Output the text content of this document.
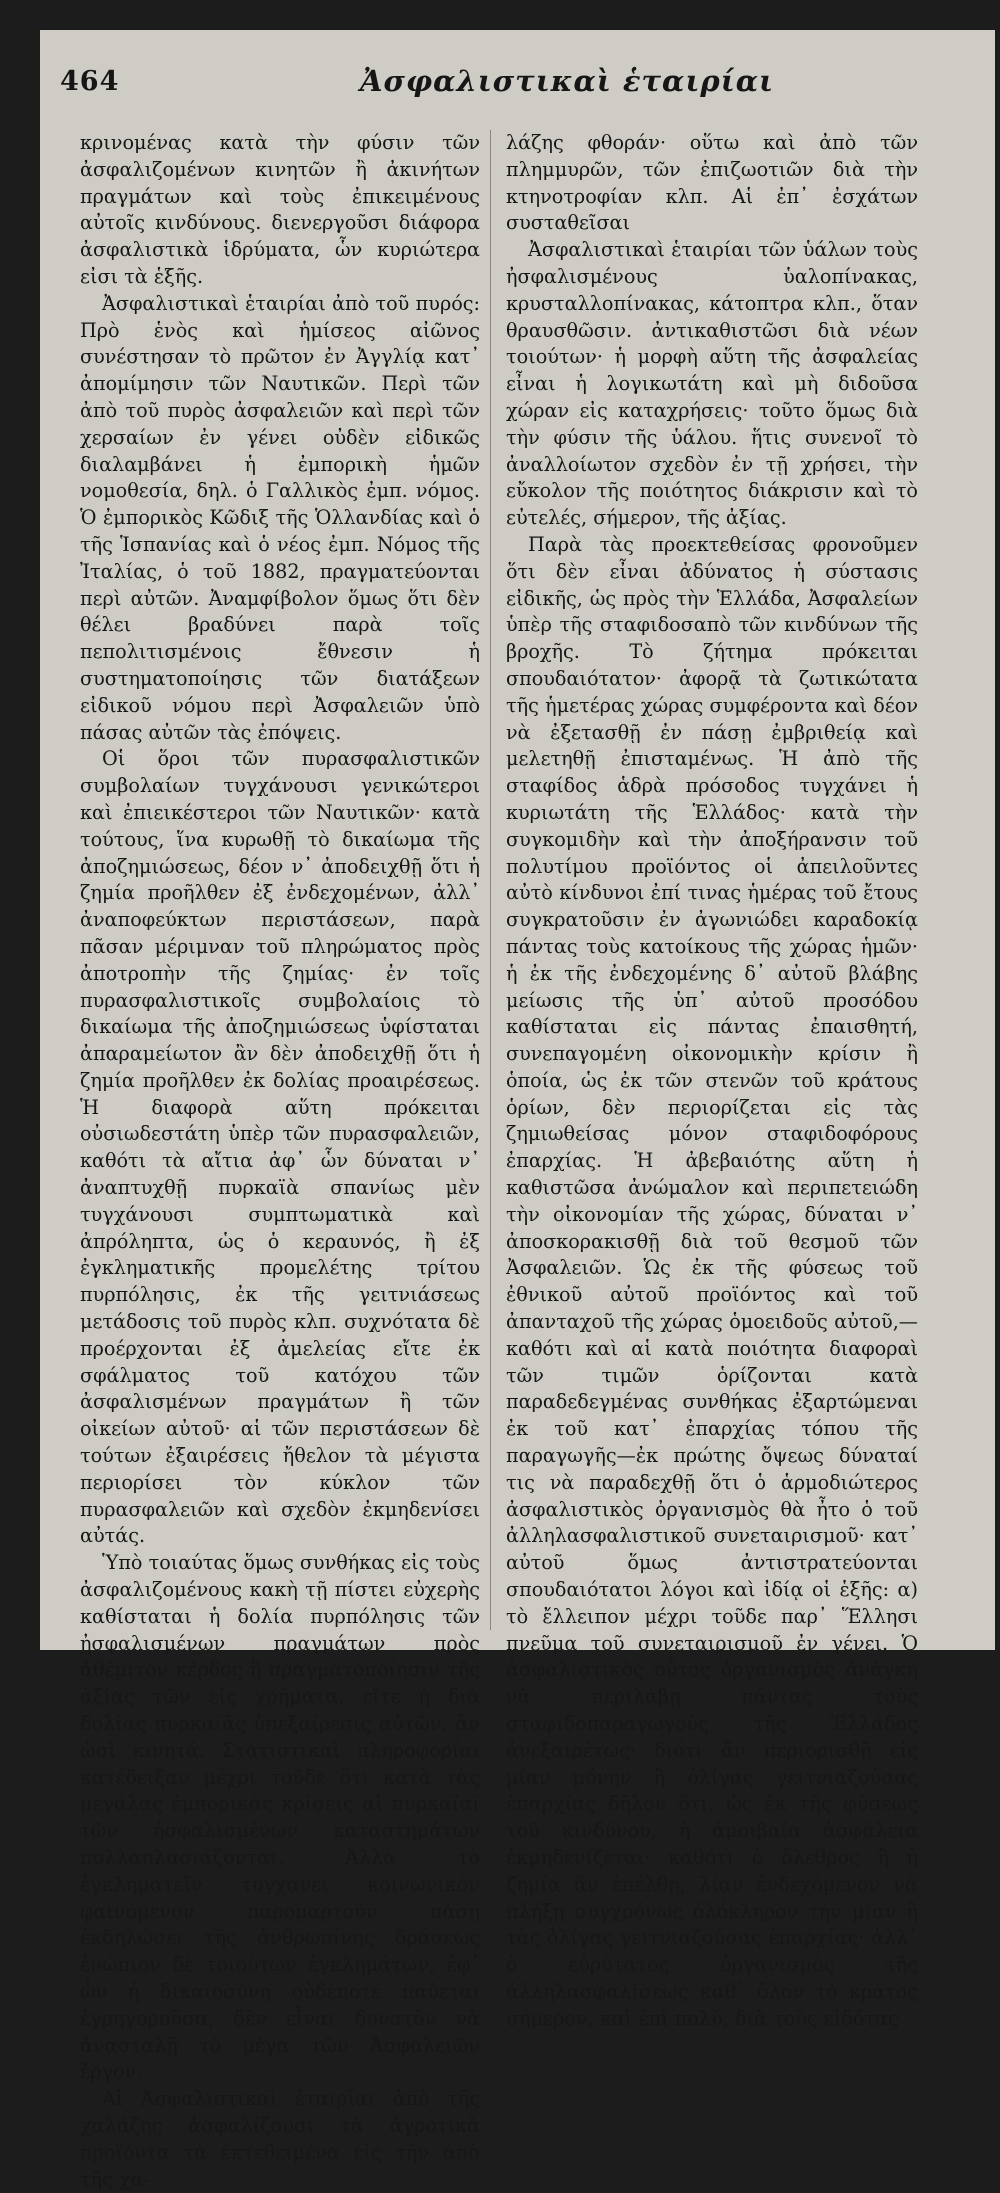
464	Ἀσφαλιστικαὶ ἑταιρίαι

κρινομένας κατὰ τὴν φύσιν τῶν ἀσφαλιζομένων κινητῶν ἢ ἀκινήτων πραγμάτων καὶ τοὺς ἐπικειμένους αὐτοῖς κινδύνους. διενεργοῦσι διάφορα ἀσφαλιστικὰ ἱδρύματα, ὧν κυριώτερα εἰσι τὰ ἑξῆς.

Ἀσφαλιστικαὶ ἑταιρίαι ἀπὸ τοῦ πυρός: Πρὸ ἑνὸς καὶ ἡμίσεος αἰῶνος συνέστησαν τὸ πρῶτον ἐν Ἀγγλίᾳ κατ᾽ ἀπομίμησιν τῶν Ναυτικῶν. Περὶ τῶν ἀπὸ τοῦ πυρὸς ἀσφαλειῶν καὶ περὶ τῶν χερσαίων ἐν γένει οὐδὲν εἰδικῶς διαλαμβάνει ἡ ἐμπορικὴ ἡμῶν νομοθεσία, δηλ. ὁ Γαλλικὸς ἐμπ. νόμος. Ὁ ἐμπορικὸς Κῶδιξ τῆς Ὁλλανδίας καὶ ὁ τῆς Ἱσπανίας καὶ ὁ νέος ἐμπ. Νόμος τῆς Ἰταλίας, ὁ τοῦ 1882, πραγματεύονται περὶ αὐτῶν. Ἀναμφίβολον ὅμως ὅτι δὲν θέλει βραδύνει παρὰ τοῖς πεπολιτισμένοις ἔθνεσιν ἡ συστηματοποίησις τῶν διατάξεων εἰδικοῦ νόμου περὶ Ἀσφαλειῶν ὑπὸ πάσας αὐτῶν τὰς ἐπόψεις.

Οἱ ὅροι τῶν πυρασφαλιστικῶν συμβολαίων τυγχάνουσι γενικώτεροι καὶ ἐπιεικέστεροι τῶν Ναυτικῶν· κατὰ τούτους, ἵνα κυρωθῇ τὸ δικαίωμα τῆς ἀποζημιώσεως, δέον ν᾽ ἀποδειχθῇ ὅτι ἡ ζημία προῆλθεν ἐξ ἐνδεχομένων, ἀλλ᾽ ἀναποφεύκτων περιστάσεων, παρὰ πᾶσαν μέριμναν τοῦ πληρώματος πρὸς ἀποτροπὴν τῆς ζημίας· ἐν τοῖς πυρασφαλιστικοῖς συμβολαίοις τὸ δικαίωμα τῆς ἀποζημιώσεως ὑφίσταται ἀπαραμείωτον ἂν δὲν ἀποδειχθῇ ὅτι ἡ ζημία προῆλθεν ἐκ δολίας προαιρέσεως. Ἡ διαφορὰ αὕτη πρόκειται οὐσιωδεστάτη ὑπὲρ τῶν πυρασφαλειῶν, καθότι τὰ αἴτια ἀφ᾽ ὧν δύναται ν᾽ ἀναπτυχθῇ πυρκαϊὰ σπανίως μὲν τυγχάνουσι συμπτωματικὰ καὶ ἀπρόληπτα, ὡς ὁ κεραυνός, ἢ ἐξ ἐγκληματικῆς προμελέτης τρίτου πυρπόλησις, ἐκ τῆς γειτνιάσεως μετάδοσις τοῦ πυρὸς κλπ. συχνότατα δὲ προέρχονται ἐξ ἀμελείας εἴτε ἐκ σφάλματος τοῦ κατόχου τῶν ἀσφαλισμένων πραγμάτων ἢ τῶν οἰκείων αὐτοῦ· αἱ τῶν περιστάσεων δὲ τούτων ἐξαιρέσεις ἤθελον τὰ μέγιστα περιορίσει τὸν κύκλον τῶν πυρασφαλειῶν καὶ σχεδὸν ἐκμηδενίσει αὐτάς.

Ὑπὸ τοιαύτας ὅμως συνθήκας εἰς τοὺς ἀσφαλιζομένους κακὴ τῇ πίστει εὐχερὴς καθίσταται ἡ δολία πυρπόλησις τῶν ἠσφαλισμένων πραγμάτων πρὸς ἀθέμιτον κέρδος ἢ πραγματοποίησιν τῆς ἀξίας τῶν εἰς χρήματα, εἴτε ἡ διὰ δολίας πυρκαϊᾶς ὑπεξαίρεσις αὐτῶν. ἂν ὡσὶ κινητά. Στατιστικαὶ πληροφορίαι κατέδειξαν μέχρι τοῦδε ὅτι κατὰ τὰς μεγάλας ἐμπορικὰς κρίσεις αἱ πυρκαϊαὶ τῶν ἠσφαλισμένων καταστημάτων πολλαπλασιάζονται. Ἀλλὰ τὸ ἐγκληματεῖν τυγχάνει κοινωνικὸν φαινόμενον παρομαρτοῦν πάσῃ ἐκδηλώσει τῆς ἀνθρωπίνης δράσεως ἐνώπιον δὲ τοιούτων ἐγκλημάτων, ἐφ᾽ ὧν ἡ δικαιοσύνη οὐδέποτε παύεται ἐγρηγοροῦσα, δὲν εἶναι δυνατὸν νὰ ἀνασταλῇ τὸ μέγα τῶν Ἀσφαλειῶν ἔργον.

Αἱ Ἀσφαλιστικαὶ ἑταιρίαι ἀπὸ τῆς χαλάζης ἀσφαλίζουσι τὰ ἀγροτικὰ προϊόντα τὰ ἐκτεθειμένα εἰς τὴν ἀπὸ τῆς χα-

λάζης φθοράν· οὕτω καὶ ἀπὸ τῶν πλημμυρῶν, τῶν ἐπιζωοτιῶν διὰ τὴν κτηνοτροφίαν κλπ. Αἱ ἐπ᾽ ἐσχάτων συσταθεῖσαι

Ἀσφαλιστικαὶ ἑταιρίαι τῶν ὑάλων τοὺς ἠσφαλισμένους ὑαλοπίνακας, κρυσταλλοπίνακας, κάτοπτρα κλπ., ὅταν θραυσθῶσιν. ἀντικαθιστῶσι διὰ νέων τοιούτων· ἡ μορφὴ αὕτη τῆς ἀσφαλείας εἶναι ἡ λογικωτάτη καὶ μὴ διδοῦσα χώραν εἰς καταχρήσεις· τοῦτο ὅμως διὰ τὴν φύσιν τῆς ὑάλου. ἥτις συνενοῖ τὸ ἀναλλοίωτον σχεδὸν ἐν τῇ χρήσει, τὴν εὔκολον τῆς ποιότητος διάκρισιν καὶ τὸ εὐτελές, σήμερον, τῆς ἀξίας.

Παρὰ τὰς προεκτεθείσας φρονοῦμεν ὅτι δὲν εἶναι ἀδύνατος ἡ σύστασις εἰδικῆς, ὡς πρὸς τὴν Ἑλλάδα, Ἀσφαλείων ὑπὲρ τῆς σταφιδοσαπὸ τῶν κινδύνων τῆς βροχῆς. Τὸ ζήτημα πρόκειται σπουδαιότατον· ἀφορᾷ τὰ ζωτικώτατα τῆς ἡμετέρας χώρας συμφέροντα καὶ δέον νὰ ἐξετασθῇ ἐν πάσῃ ἐμβριθείᾳ καὶ μελετηθῇ ἐπισταμένως. Ἡ ἀπὸ τῆς σταφίδος ἁδρὰ πρόσοδος τυγχάνει ἡ κυριωτάτη τῆς Ἑλλάδος· κατὰ τὴν συγκομιδὴν καὶ τὴν ἀποξήρανσιν τοῦ πολυτίμου προϊόντος οἱ ἀπειλοῦντες αὐτὸ κίνδυνοι ἐπί τινας ἡμέρας τοῦ ἔτους συγκρατοῦσιν ἐν ἀγωνιώδει καραδοκίᾳ πάντας τοὺς κατοίκους τῆς χώρας ἡμῶν· ἡ ἐκ τῆς ἐνδεχομένης δ᾽ αὐτοῦ βλάβης μείωσις τῆς ὑπ᾽ αὐτοῦ προσόδου καθίσταται εἰς πάντας ἐπαισθητή, συνεπαγομένη οἰκονομικὴν κρίσιν ἢ ὁποία, ὡς ἐκ τῶν στενῶν τοῦ κράτους ὁρίων, δὲν περιορίζεται εἰς τὰς ζημιωθείσας μόνον σταφιδοφόρους ἐπαρχίας. Ἡ ἀβεβαιότης αὕτη ἡ καθιστῶσα ἀνώμαλον καὶ περιπετειώδη τὴν οἰκονομίαν τῆς χώρας, δύναται ν᾽ ἀποσκορακισθῇ διὰ τοῦ θεσμοῦ τῶν Ἀσφαλειῶν. Ὡς ἐκ τῆς φύσεως τοῦ ἐθνικοῦ αὐτοῦ προϊόντος καὶ τοῦ ἀπανταχοῦ τῆς χώρας ὁμοειδοῦς αὐτοῦ,—καθότι καὶ αἱ κατὰ ποιότητα διαφοραὶ τῶν τιμῶν ὁρίζονται κατὰ παραδεδεγμένας συνθήκας ἐξαρτώμεναι ἐκ τοῦ κατ᾽ ἐπαρχίας τόπου τῆς παραγωγῆς—ἐκ πρώτης ὄψεως δύναταί τις νὰ παραδεχθῇ ὅτι ὁ ἁρμοδιώτερος ἀσφαλιστικὸς ὀργανισμὸς θὰ ἦτο ὁ τοῦ ἀλληλασφαλιστικοῦ συνεταιρισμοῦ· κατ᾽ αὐτοῦ ὅμως ἀντιστρατεύονται σπουδαιότατοι λόγοι καὶ ἰδίᾳ οἱ ἑξῆς: α) τὸ ἔλλειπον μέχρι τοῦδε παρ᾽ Ἕλλησι πνεῦμα τοῦ συνεταιρισμοῦ ἐν γένει. Ὁ ἀσφαλιστικὸς οὗτος ὀργανισμὸς ἀνάγκη νὰ περιλάβῃ πάντας τοὺς σταφιδοπαραγωγοὺς τῆς Ἑλλάδος ἀνεξαιρέτως· διότι ἂν περιορισθῇ εἰς μίαν μόνην ἢ ὀλίγας γειτνιαζούσας ἐπαρχίας δῆλον ὅτι, ὡς ἐκ τῆς φύσεως τοῦ κινδύνου, ἡ ἀμοιβαία ἀσφάλεια ἐκμηδενίζεται· καθότι ὁ ὄλεθρος ἢ ἡ ζημία ἂν ἐπέλθῃ, λίαν ἐνδεχόμενον νὰ πλήξῃ συγχρόνως ὁλόκληρον τὴν μίαν ἢ τὰς ὀλίγας γειτνιαζούσας ἐπαρχίας· ἀλλ᾽ ὁ εὐρύτατος ὀργανισμὸς τῆς ἀλληλασφαλίσεως καθ᾽ ὅλον τὸ κράτος σήμερον, καὶ ἐπὶ πολύ, διὰ τοὺς εἰδότας
